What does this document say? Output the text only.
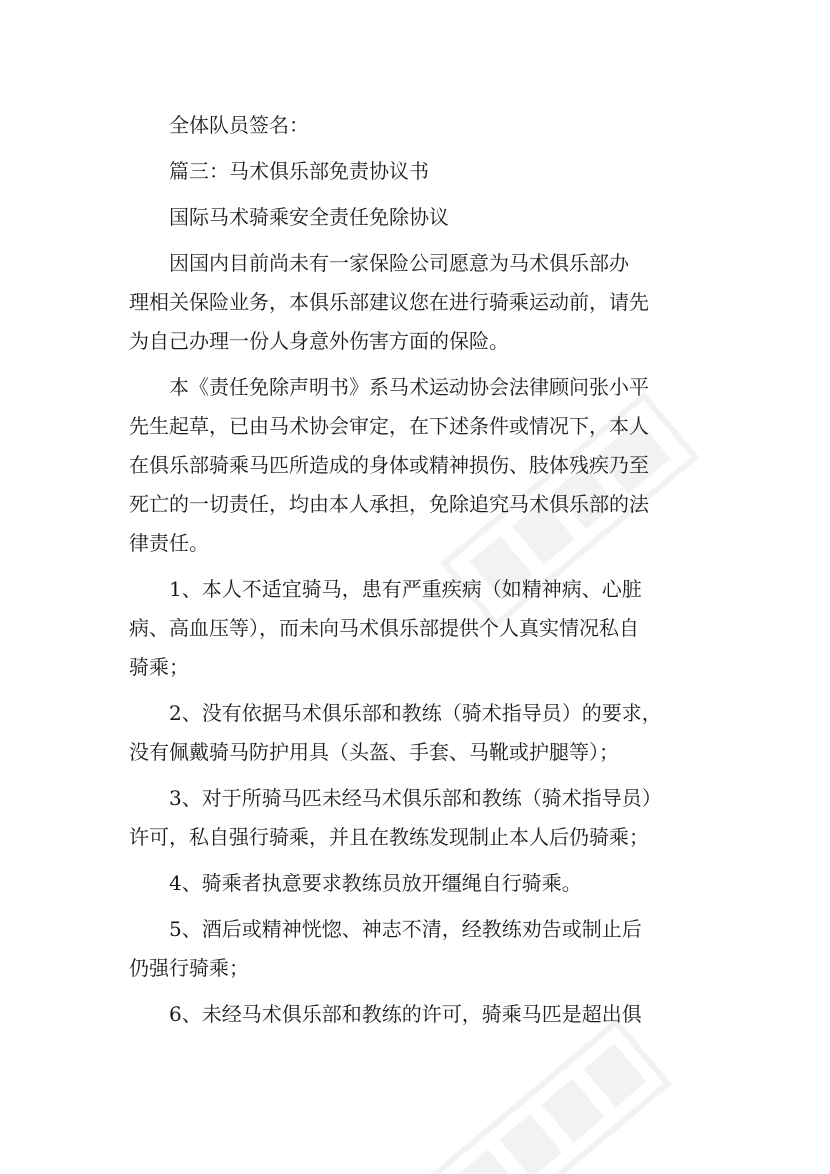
全体队员签名：

篇三：马术俱乐部免责协议书

国际马术骑乘安全责任免除协议

因国内目前尚未有一家保险公司愿意为马术俱乐部办
理相关保险业务，本俱乐部建议您在进行骑乘运动前，请先
为自己办理一份人身意外伤害方面的保险。

本《责任免除声明书》系马术运动协会法律顾问张小平
先生起草，已由马术协会审定，在下述条件或情况下，本人
在俱乐部骑乘马匹所造成的身体或精神损伤、肢体残疾乃至
死亡的一切责任，均由本人承担，免除追究马术俱乐部的法
律责任。

1、本人不适宜骑马，患有严重疾病（如精神病、心脏
病、高血压等），而未向马术俱乐部提供个人真实情况私自
骑乘；

2、没有依据马术俱乐部和教练（骑术指导员）的要求，
没有佩戴骑马防护用具（头盔、手套、马靴或护腿等）；

3、对于所骑马匹未经马术俱乐部和教练（骑术指导员）
许可，私自强行骑乘，并且在教练发现制止本人后仍骑乘；

4、骑乘者执意要求教练员放开缰绳自行骑乘。

5、酒后或精神恍惚、神志不清，经教练劝告或制止后
仍强行骑乘；

6、未经马术俱乐部和教练的许可，骑乘马匹是超出俱
